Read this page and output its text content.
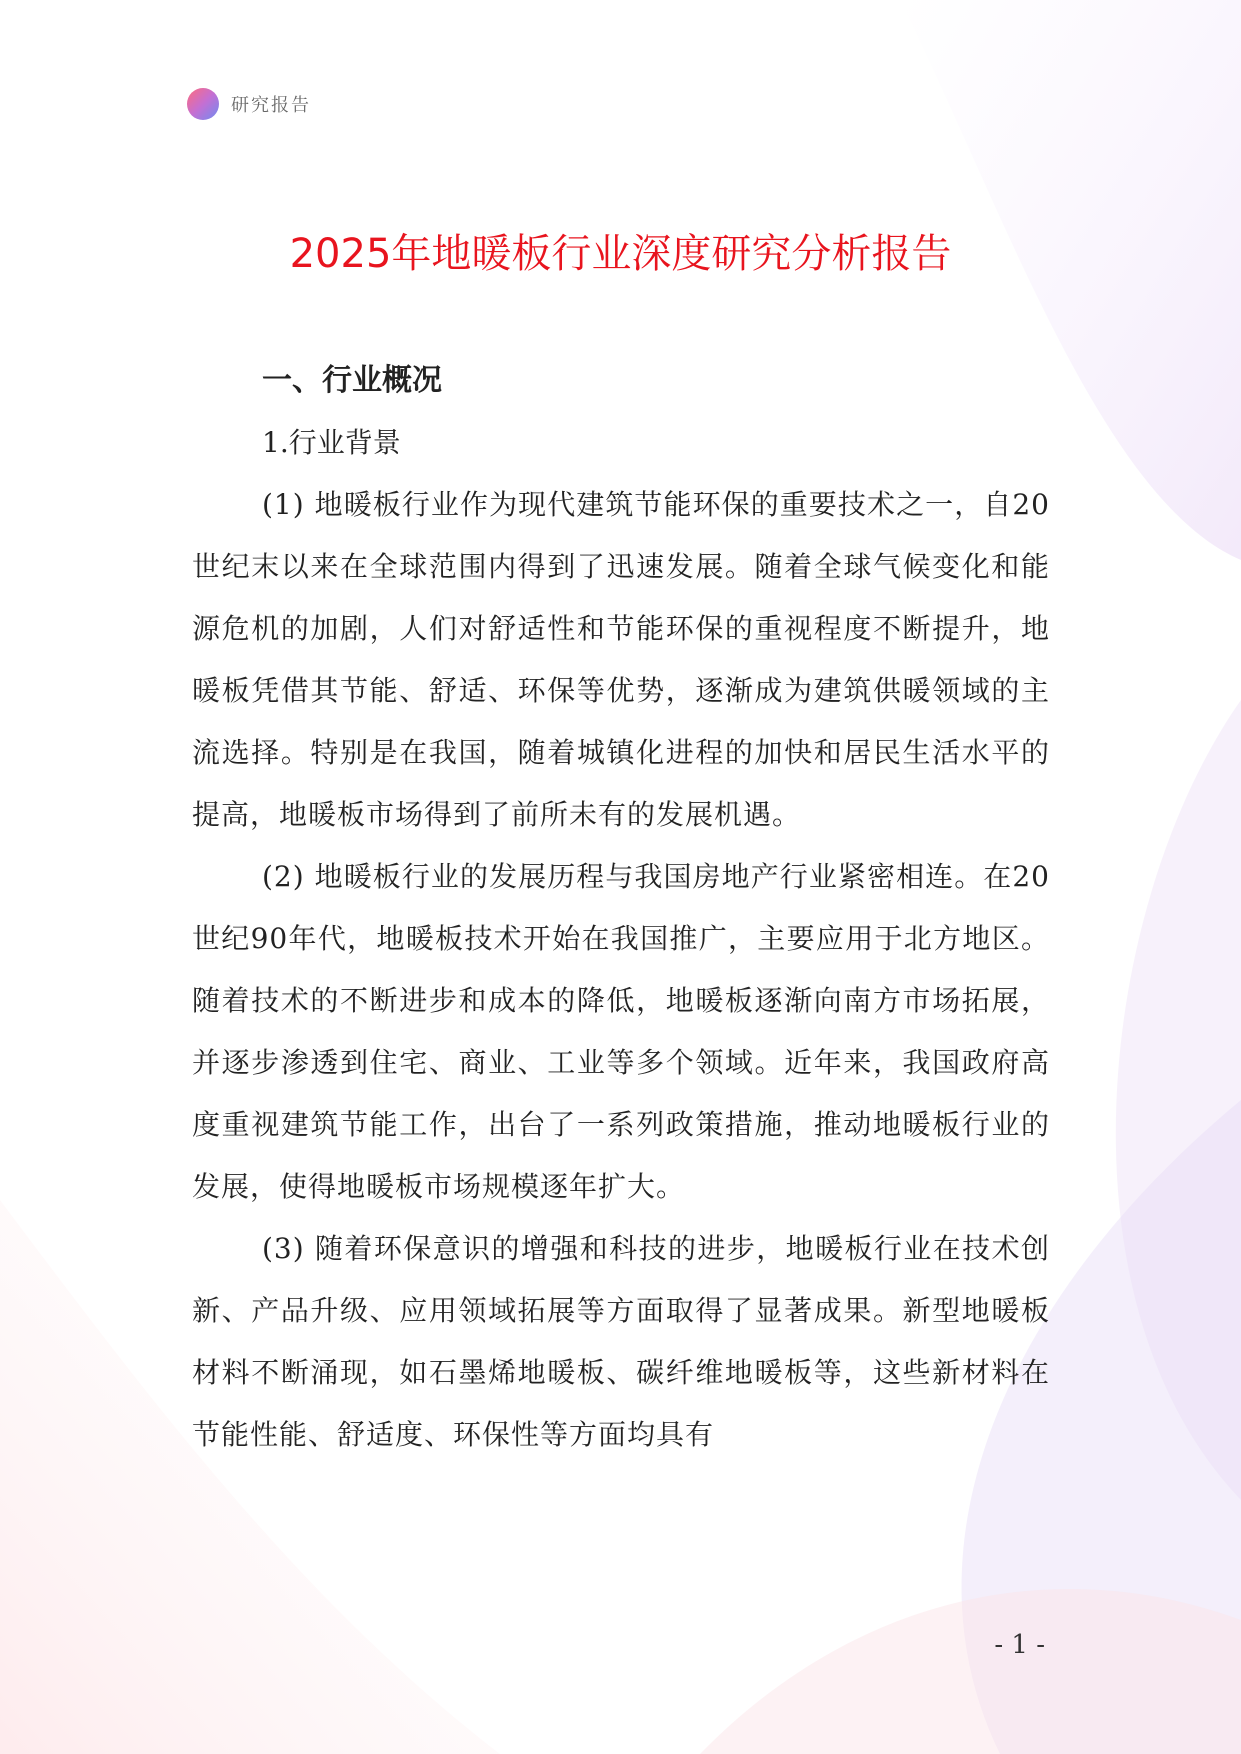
研究报告
2025年地暖板行业深度研究分析报告
一、行业概况
1.行业背景

(1) 地暖板行业作为现代建筑节能环保的重要技术之一，自20世纪末以来在全球范围内得到了迅速发展。随着全球气候变化和能源危机的加剧，人们对舒适性和节能环保的重视程度不断提升，地暖板凭借其节能、舒适、环保等优势，逐渐成为建筑供暖领域的主流选择。特别是在我国，随着城镇化进程的加快和居民生活水平的提高，地暖板市场得到了前所未有的发展机遇。

(2) 地暖板行业的发展历程与我国房地产行业紧密相连。在20世纪90年代，地暖板技术开始在我国推广，主要应用于北方地区。随着技术的不断进步和成本的降低，地暖板逐渐向南方市场拓展，并逐步渗透到住宅、商业、工业等多个领域。近年来，我国政府高度重视建筑节能工作，出台了一系列政策措施，推动地暖板行业的发展，使得地暖板市场规模逐年扩大。

(3) 随着环保意识的增强和科技的进步，地暖板行业在技术创新、产品升级、应用领域拓展等方面取得了显著成果。新型地暖板材料不断涌现，如石墨烯地暖板、碳纤维地暖板等，这些新材料在节能性能、舒适度、环保性等方面均具有

- 1 -
